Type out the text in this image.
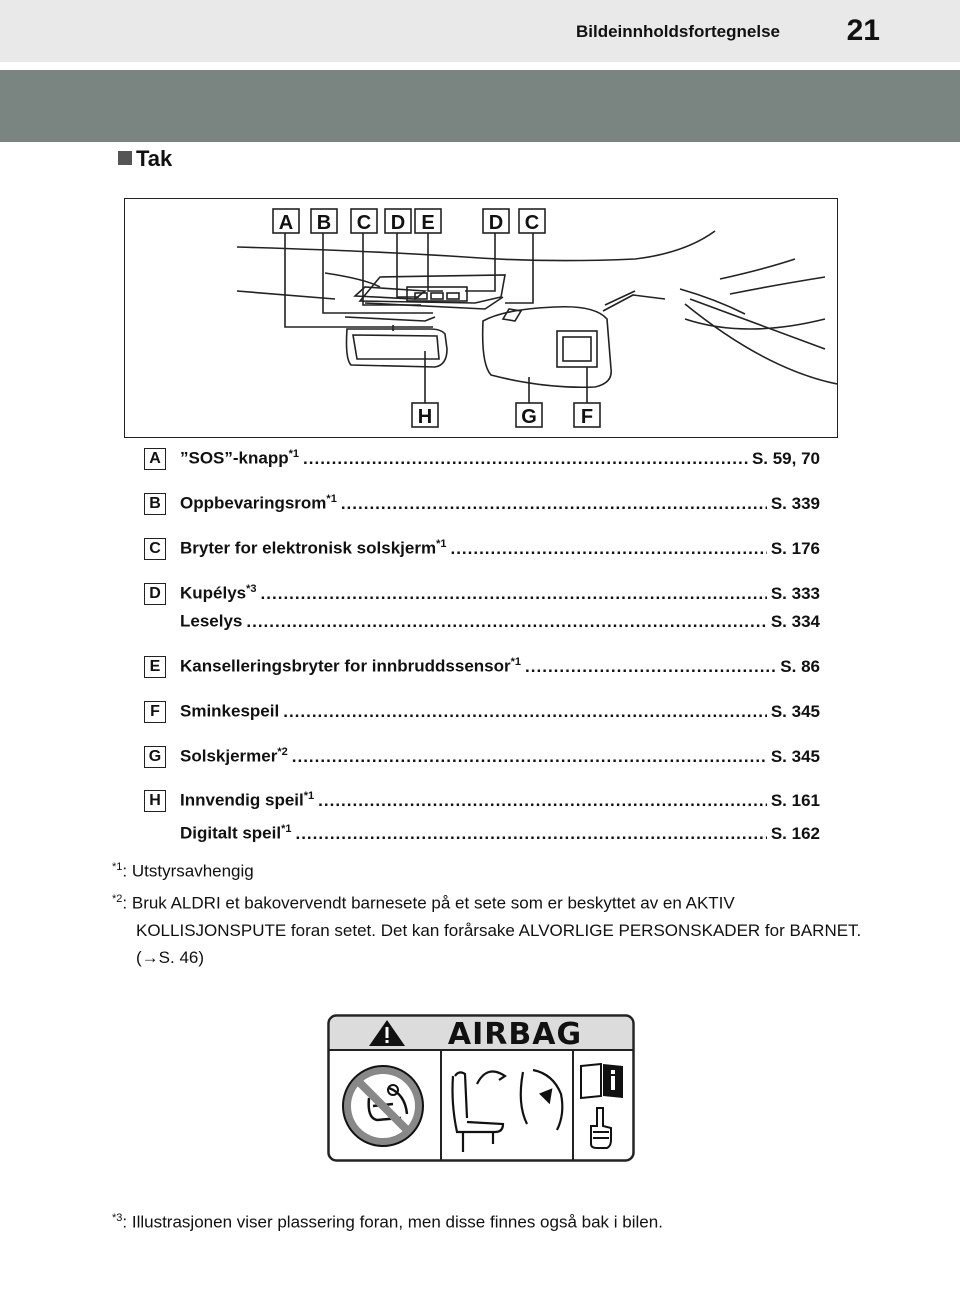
Bildeinnholdsfortegnelse 21
Tak
A B C D E	D C
H	G F
A	”SOS”-knapp$^{*1}$ .....	S. 59, 70
B	Oppbevaringsrom$^{*1}$ .....	S. 339
C	Bryter for elektronisk solskjerm$^{*1}$ .....	S. 176
D	Kupélys$^{*3}$ .....	S. 333
Leselys .....	S. 334
E	Kanselleringsbryter for innbruddssensor$^{*1}$ .....	S. 86
F	Sminkespeil .....	S. 345
G Solskjermer$^{*2}$ .....	S. 345
H	Innvendig speil$^{*1}$ .....	S. 161
Digitalt speil$^{*1}$ .....	S. 162
$^{*1}$: Utstyrsavhengig
$^{*2}$: Bruk ALDRI et bakovervendt barnesete på et sete som er beskyttet av en AKTIV KOLLISJONSPUTE foran setet. Det kan forårsake ALVORLIGE PERSONSKADER for BARNET. (→S. 46)
AIRBAG
$^{*3}$: Illustrasjonen viser plassering foran, men disse finnes også bak i bilen.
